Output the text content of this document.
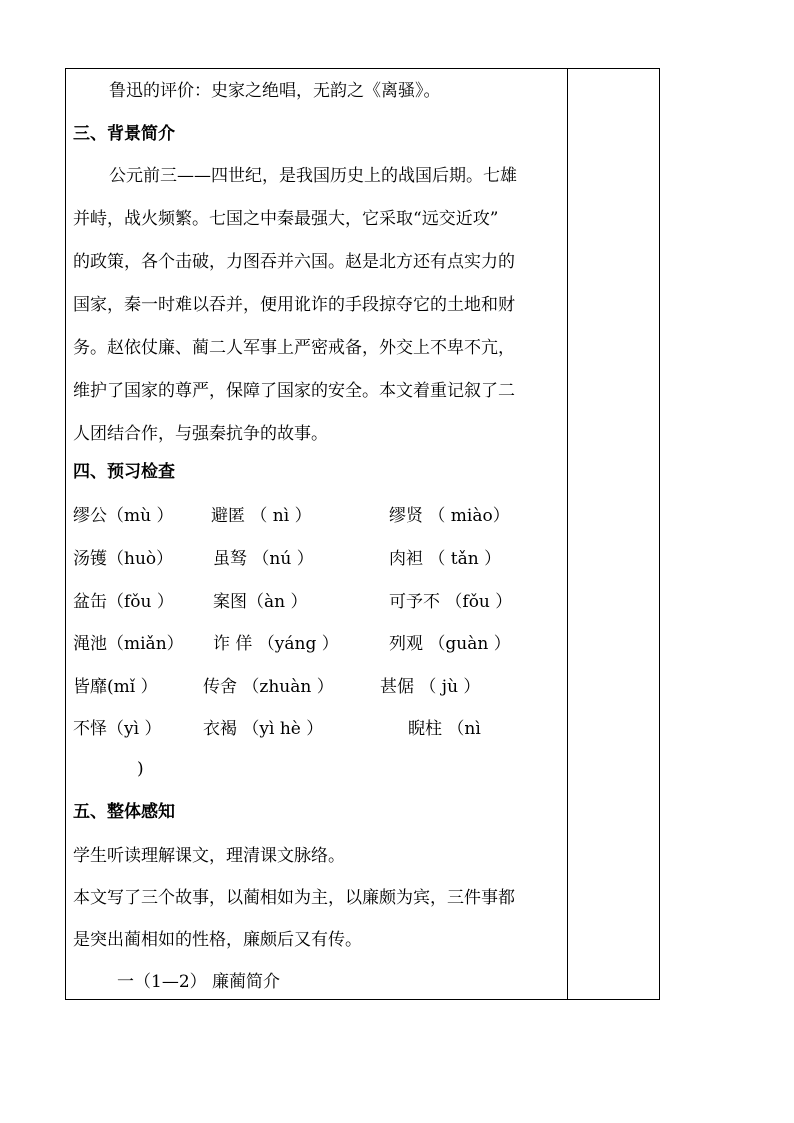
鲁迅的评价：史家之绝唱，无韵之《离骚》。
三、背景简介
公元前三——四世纪，是我国历史上的战国后期。七雄
并峙，战火频繁。七国之中秦最强大，它采取“远交近攻”
的政策，各个击破，力图吞并六国。赵是北方还有点实力的
国家，秦一时难以吞并，便用讹诈的手段掠夺它的土地和财
务。赵依仗廉、蔺二人军事上严密戒备，外交上不卑不亢，
维护了国家的尊严，保障了国家的安全。本文着重记叙了二
人团结合作，与强秦抗争的故事。
四、预习检查
缪公（mù ） 避匿 （ nì ）	缪贤 （ miào）
汤镬（huò） 虽驽 （nú ）	肉袒 （ tǎn ）
盆缶（fǒu ） 案图（àn ）	可予不 （fǒu ）
渑池（miǎn） 诈 佯 （yáng ）	列观 （guàn ）
皆靡(mǐ ）	传舍 （zhuàn ）	甚倨 （ jù ）
不怿（yì ） 衣褐 （yì hè ）	睨柱 （nì
)
五、整体感知
学生听读理解课文，理清课文脉络。
本文写了三个故事，以蔺相如为主，以廉颇为宾，三件事都
是突出蔺相如的性格，廉颇后又有传。
一（1—2） 廉蔺简介
